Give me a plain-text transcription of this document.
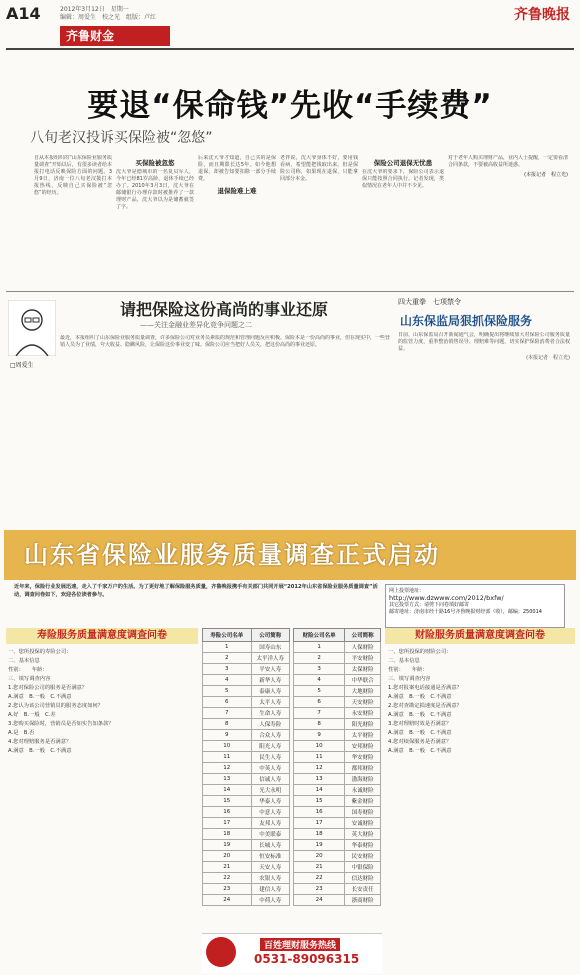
A14	2012年3月12日　星期一
编辑：周爱生　校之光　组版：卢红	齐鲁晚报
齐鲁财金
要退“保命钱”先收“手续费”
八旬老汉投诉买保险被“忽悠”
自从本报组织的“山东保险业服务质量调查”开始以后，有很多读者给本报打电话反映保险方面的问题。3月9日，济南一位八旬老汉拨打本报热线，反映自己买保险被“忽悠”的经历。
买保险被忽悠
沈大爷是德城市的一名复员军人，今年已经81岁高龄，退休手续已经办了。2010年3月3日，沈大爷在邮储银行办理存款时被推荐了一款理财产品，沈大爷以为是储蓄就签了字。
后来沈大爷才知道，自己买的是保险，而且期限长达5年。如今他想退保，却被告知要扣除一部分手续费。
退保险难上难
老伴说，沈大爷身体不好，要用钱看病，希望能把钱取出来。但是保险公司称，如果现在退保，只能拿回部分本金。
保险公司退保无忧患
在沈大爷的要求下，保险公司表示退保只能按照合同执行。记者发现，类似情况在老年人中并不少见。
对于老年人购买理财产品，业内人士提醒，一定要看清合同条款，不要被高收益所迷惑。
(本报记者　程立光)
□周爱生
请把保险这份高尚的事业还原
——关注金融业差异化竞争问题之二
最近，本报组织了山东保险业服务质量调查，许多保险公司对业务员素质的规范和管理问题反应积极。保险本是一份高尚的事业，但在现实中，一些营销人员为了业绩，夸大收益、隐瞒风险，让保险这份事业变了味。保险公司应当把好人员关，把这份高尚的事业还原。
四大重拳　七项禁令
山东保监局狠抓保险服务
日前，山东保监局召开新闻通气会，明确提出将继续加大对保险公司服务质量的监管力度，重拳整治销售误导、理赔难等问题，切实保护保险消费者合法权益。
(本报记者　程立光)
山东省保险业服务质量调查正式启动
近年来，保险行业发展迅速，走入了千家万户的生活。为了更好地了解保险服务质量，齐鲁晚报携手有关部门共同开展“2012年山东省保险业服务质量调查”活动，调查问卷如下，欢迎各位读者参与。
网上投票地址：
http://www.dzwww.com/2012/bxfw/
其它投票方式：请剪下问卷填好邮寄
邮寄地址：济南市经十路16号齐鲁晚报财经部（收），邮编：250014
寿险服务质量满意度调查问卷
一、您所投保的寿险公司：
二、基本信息
性别：　　年龄：
三、填写调查内容
1.您对保险公司的服务是否满意？
A.满意　B.一般　C.不满意
2.您认为该公司营销员的服务态度如何？
A.好　B.一般　C.差
3.您购买保险时，营销员是否如实告知条款？
A.是　B.否
4.您对理赔服务是否满意？
A.满意　B.一般　C.不满意
寿险公司名单	公司简称
1	国寿山东
2	太平洋人寿
3	平安人寿
4	新华人寿
5	泰康人寿
6	太平人寿
7	生命人寿
8	人保寿险
9	合众人寿
10	阳光人寿
11	民生人寿
12	中英人寿
13	信诚人寿
14	光大永明
15	华泰人寿
16	中意人寿
17	友邦人寿
18	中美联泰
19	长城人寿
20	恒安标准
21	天安人寿
22	农银人寿
23	建信人寿
24	中荷人寿
财险公司名单	公司简称
1	人保财险
2	平安财险
3	太保财险
4	中华联合
5	大地财险
6	天安财险
7	永安财险
8	阳光财险
9	太平财险
10	安邦财险
11	华安财险
12	都邦财险
13	渤海财险
14	永诚财险
15	紫金财险
16	国寿财险
17	安诚财险
18	英大财险
19	华泰财险
20	民安财险
21	中银保险
22	信达财险
23	长安责任
24	浙商财险
财险服务质量满意度调查问卷
一、您所投保的财险公司：
二、基本信息
性别：　　年龄：
三、填写调查内容
1.您对报案电话接通是否满意？
A.满意　B.一般　C.不满意
2.您对查勘定损速度是否满意？
A.满意　B.一般　C.不满意
3.您对理赔时效是否满意？
A.满意　B.一般　C.不满意
4.您对续保服务是否满意？
A.满意　B.一般　C.不满意
百姓理财服务热线
0531-89096315
